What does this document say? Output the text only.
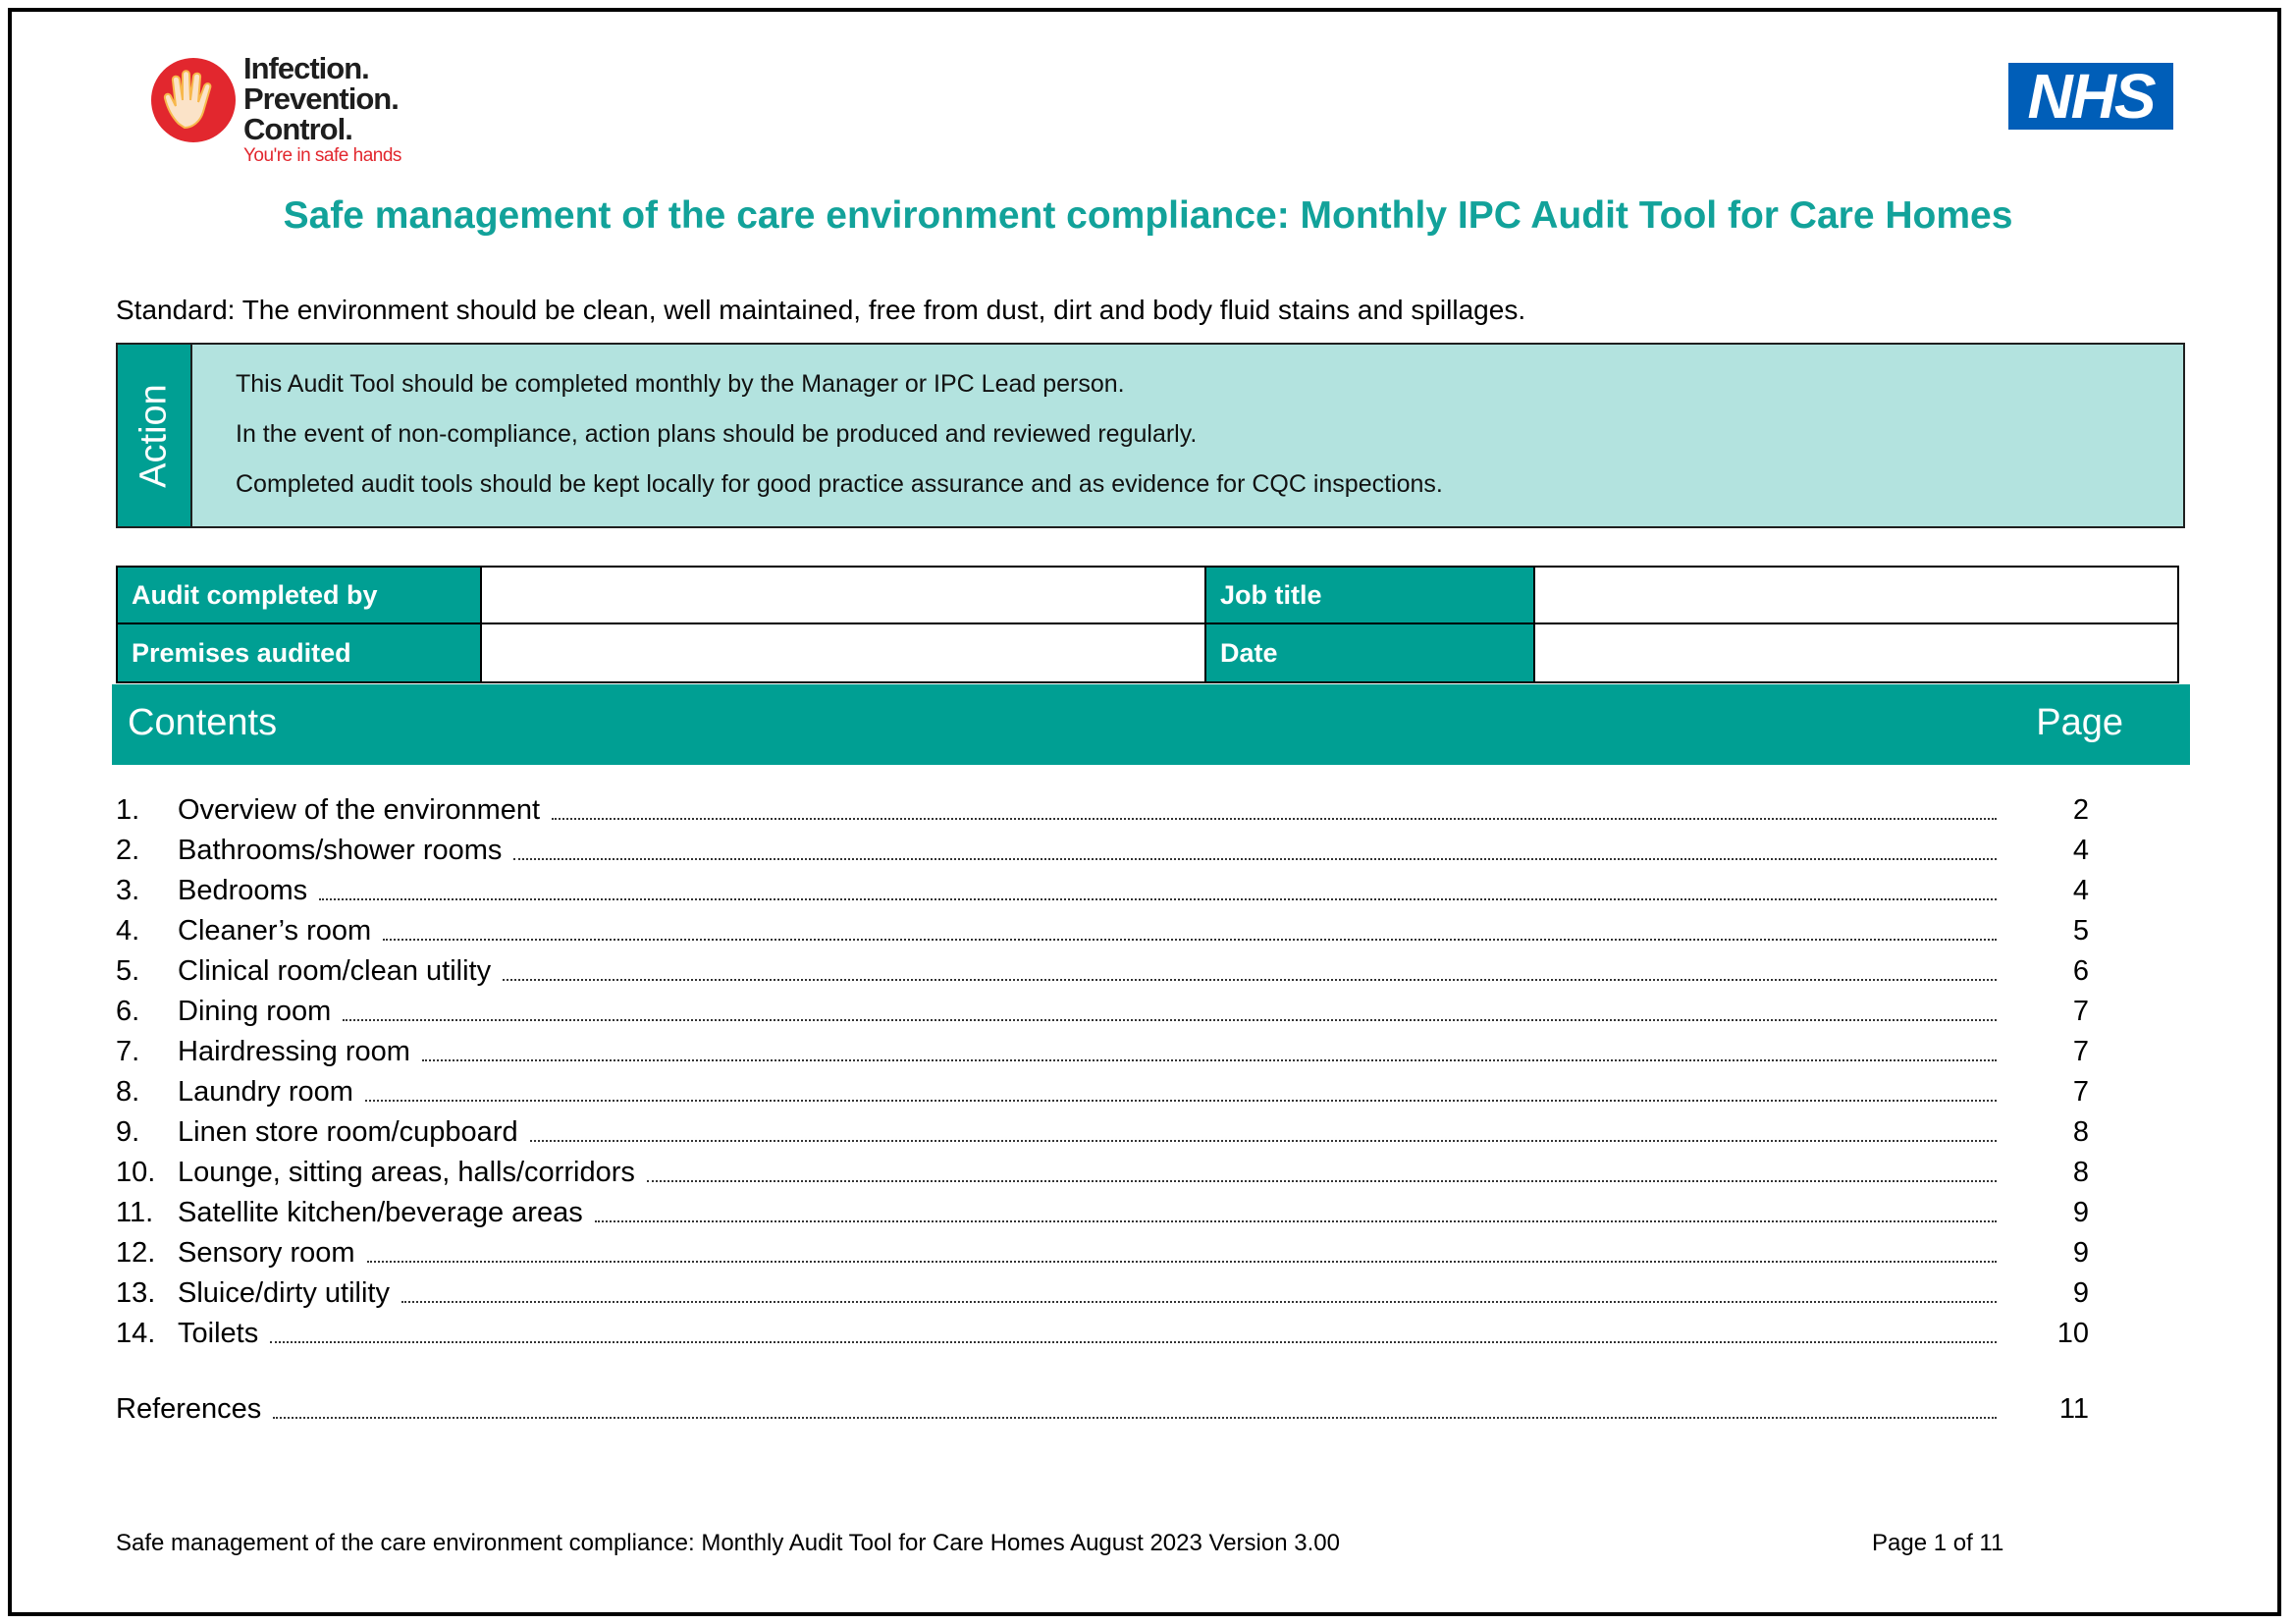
Infection.
Prevention.
Control.
You're in safe hands
NHS
Safe management of the care environment compliance: Monthly IPC Audit Tool for Care Homes
Standard: The environment should be clean, well maintained, free from dust, dirt and body fluid stains and spillages.
Action	This Audit Tool should be completed monthly by the Manager or IPC Lead person.

In the event of non-compliance, action plans should be produced and reviewed regularly.

Completed audit tools should be kept locally for good practice assurance and as evidence for CQC inspections.

Audit completed by	Job title
Premises audited	Date
Contents	Page
1.	Overview of the environment	2
2.	Bathrooms/shower rooms	4
3.	Bedrooms	4
4.	Cleaner’s room	5
5.	Clinical room/clean utility	6
6.	Dining room	7
7.	Hairdressing room	7
8.	Laundry room	7
9.	Linen store room/cupboard	8
10. Lounge, sitting areas, halls/corridors	8
11. Satellite kitchen/beverage areas	9
12. Sensory room	9
13. Sluice/dirty utility	9
14. Toilets	10
References	11
Safe management of the care environment compliance: Monthly Audit Tool for Care Homes August 2023 Version 3.00	Page 1 of 11
